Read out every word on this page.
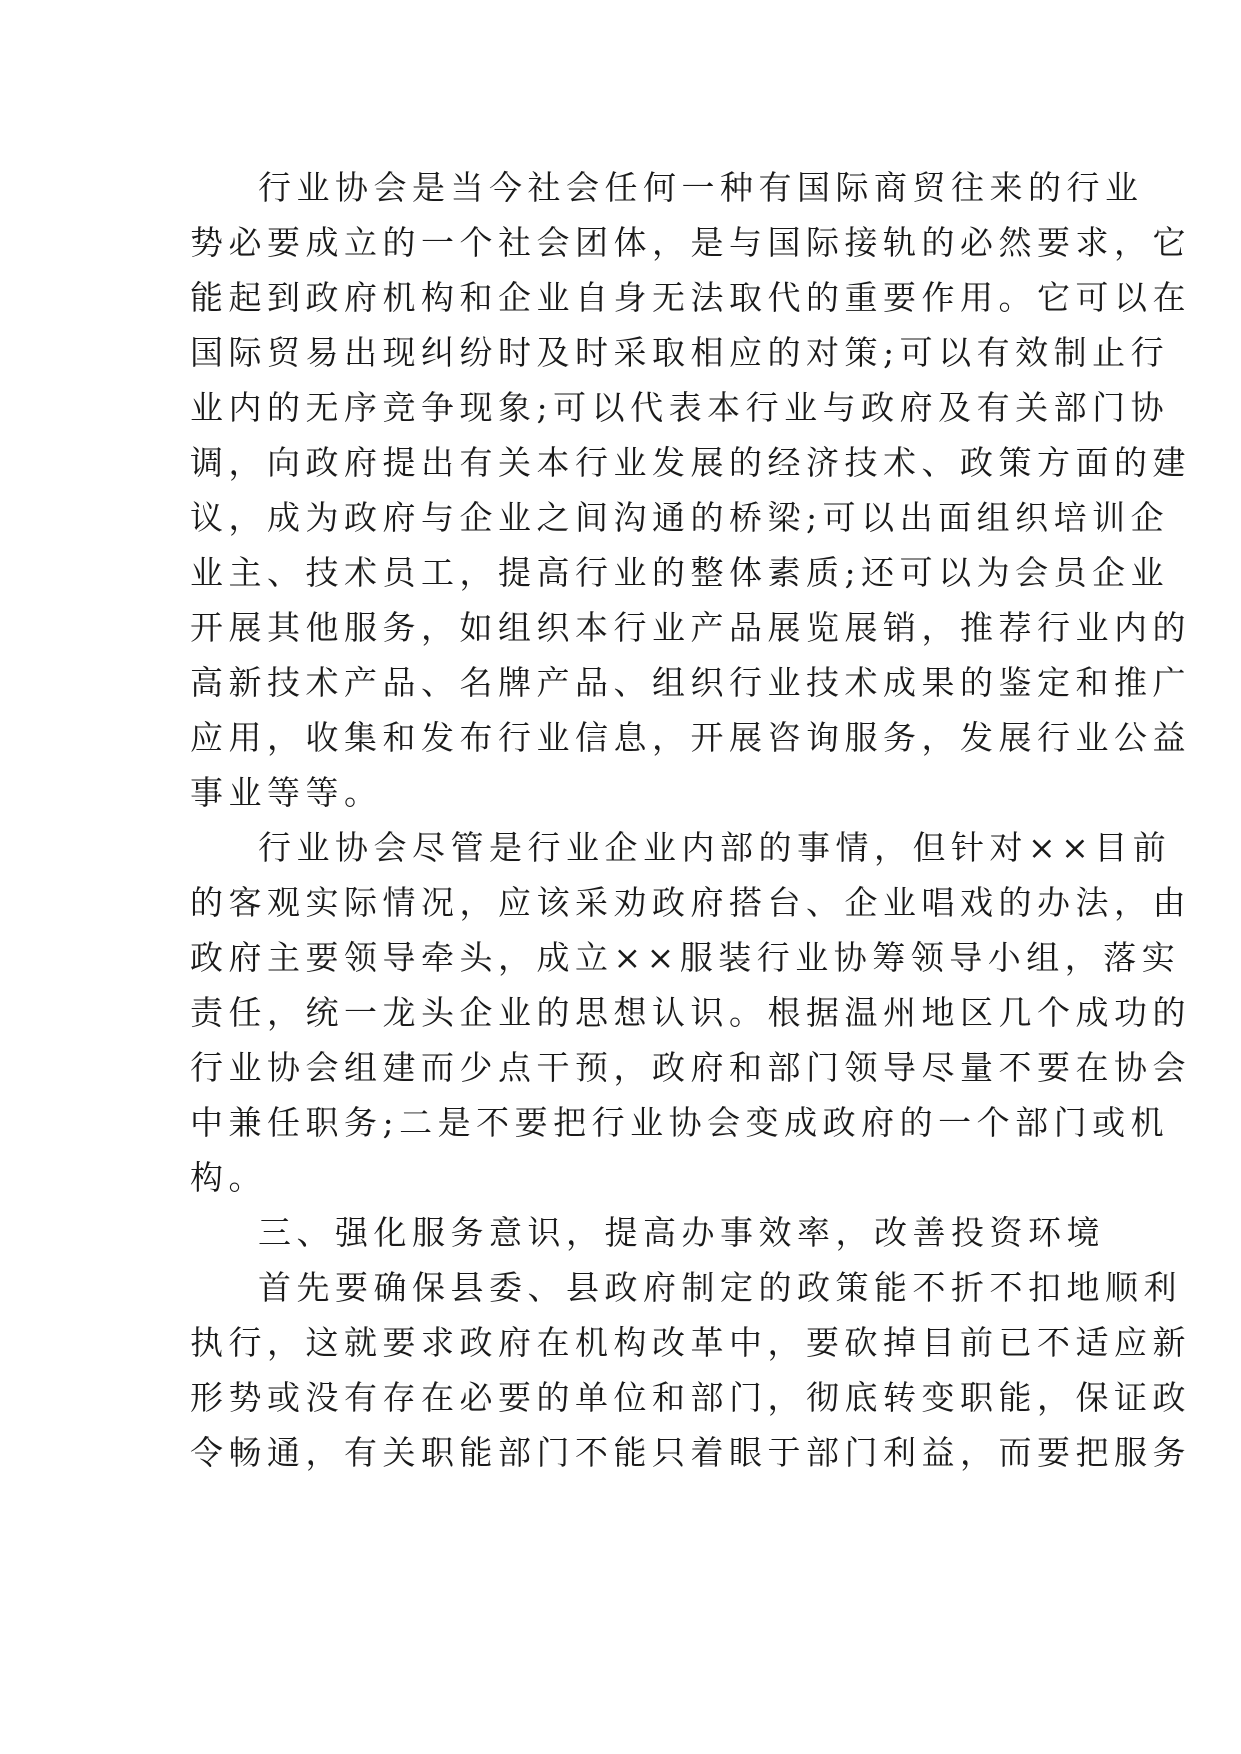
行业协会是当今社会任何一种有国际商贸往来的行业
势必要成立的一个社会团体，是与国际接轨的必然要求，它
能起到政府机构和企业自身无法取代的重要作用。它可以在
国际贸易出现纠纷时及时采取相应的对策;可以有效制止行
业内的无序竞争现象;可以代表本行业与政府及有关部门协
调，向政府提出有关本行业发展的经济技术、政策方面的建
议，成为政府与企业之间沟通的桥梁;可以出面组织培训企
业主、技术员工，提高行业的整体素质;还可以为会员企业
开展其他服务，如组织本行业产品展览展销，推荐行业内的
高新技术产品、名牌产品、组织行业技术成果的鉴定和推广
应用，收集和发布行业信息，开展咨询服务，发展行业公益
事业等等。
行业协会尽管是行业企业内部的事情，但针对××目前
的客观实际情况，应该采劝政府搭台、企业唱戏的办法，由
政府主要领导牵头，成立××服装行业协筹领导小组，落实
责任，统一龙头企业的思想认识。根据温州地区几个成功的
行业协会组建而少点干预，政府和部门领导尽量不要在协会
中兼任职务;二是不要把行业协会变成政府的一个部门或机
构。
三、强化服务意识，提高办事效率，改善投资环境
首先要确保县委、县政府制定的政策能不折不扣地顺利
执行，这就要求政府在机构改革中，要砍掉目前已不适应新
形势或没有存在必要的单位和部门，彻底转变职能，保证政
令畅通，有关职能部门不能只着眼于部门利益，而要把服务
